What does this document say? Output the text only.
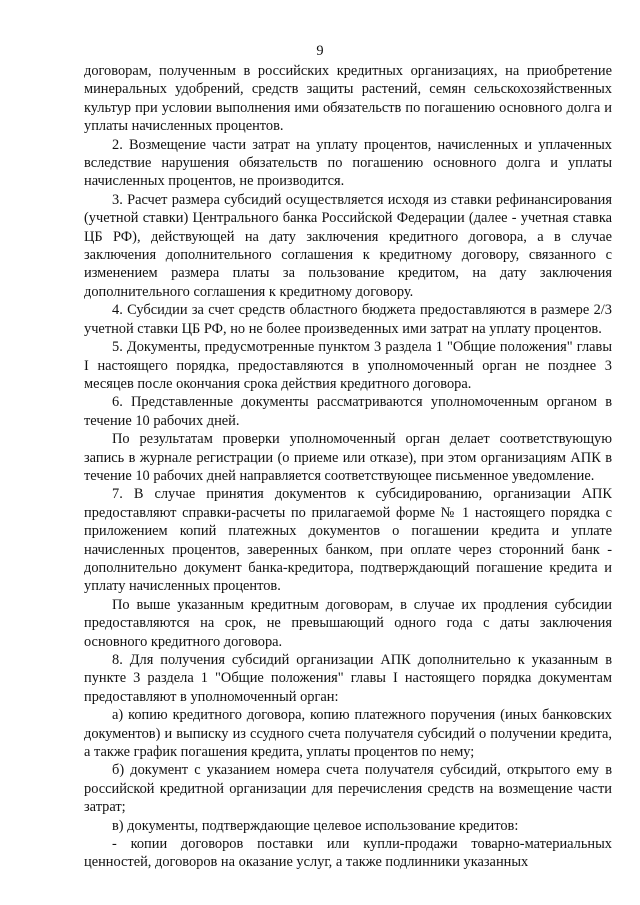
9

договорам, полученным в российских кредитных организациях, на приобретение минеральных удобрений, средств защиты растений, семян сельскохозяйственных культур при условии выполнения ими обязательств по погашению основного долга и уплаты начисленных процентов.

2. Возмещение части затрат на уплату процентов, начисленных и уплаченных вследствие нарушения обязательств по погашению основного долга и уплаты начисленных процентов, не производится.

3. Расчет размера субсидий осуществляется исходя из ставки рефинансирования (учетной ставки) Центрального банка Российской Федерации (далее - учетная ставка ЦБ РФ), действующей на дату заключения кредитного договора, а в случае заключения дополнительного соглашения к кредитному договору, связанного с изменением размера платы за пользование кредитом, на дату заключения дополнительного соглашения к кредитному договору.

4. Субсидии за счет средств областного бюджета предоставляются в размере 2/3 учетной ставки ЦБ РФ, но не более произведенных ими затрат на уплату процентов.

5. Документы, предусмотренные пунктом 3 раздела 1 "Общие положения" главы I настоящего порядка, предоставляются в уполномоченный орган не позднее 3 месяцев после окончания срока действия кредитного договора.

6. Представленные документы рассматриваются уполномоченным органом в течение 10 рабочих дней.

По результатам проверки уполномоченный орган делает соответствующую запись в журнале регистрации (о приеме или отказе), при этом организациям АПК в течение 10 рабочих дней направляется соответствующее письменное уведомление.

7. В случае принятия документов к субсидированию, организации АПК предоставляют справки-расчеты по прилагаемой форме № 1 настоящего порядка с приложением копий платежных документов о погашении кредита и уплате начисленных процентов, заверенных банком, при оплате через сторонний банк - дополнительно документ банка-кредитора, подтверждающий погашение кредита и уплату начисленных процентов.

По выше указанным кредитным договорам, в случае их продления субсидии предоставляются на срок, не превышающий одного года с даты заключения основного кредитного договора.

8. Для получения субсидий организации АПК дополнительно к указанным в пункте 3 раздела 1 "Общие положения" главы I настоящего порядка документам предоставляют в уполномоченный орган:

а) копию кредитного договора, копию платежного поручения (иных банковских документов) и выписку из ссудного счета получателя субсидий о получении кредита, а также график погашения кредита, уплаты процентов по нему;

б) документ с указанием номера счета получателя субсидий, открытого ему в российской кредитной организации для перечисления средств на возмещение части затрат;

в) документы, подтверждающие целевое использование кредитов:

- копии договоров поставки или купли-продажи товарно-материальных ценностей, договоров на оказание услуг, а также подлинники указанных
